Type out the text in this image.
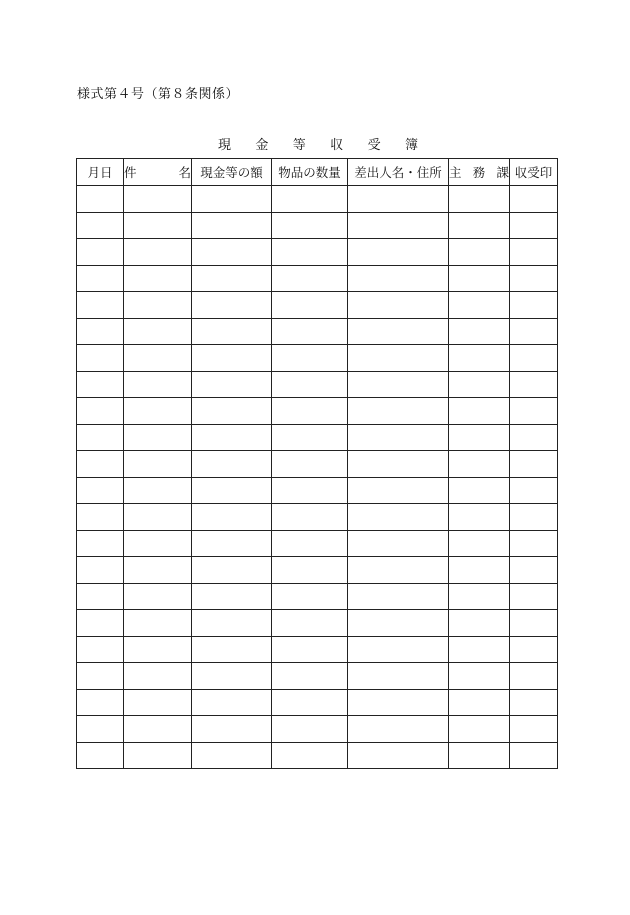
様式第４号（第８条関係）
現 金 等 収 受 簿
月日	件 名	現金等の額	物品の数量	差出人名・住所	主 務 課	収受印
